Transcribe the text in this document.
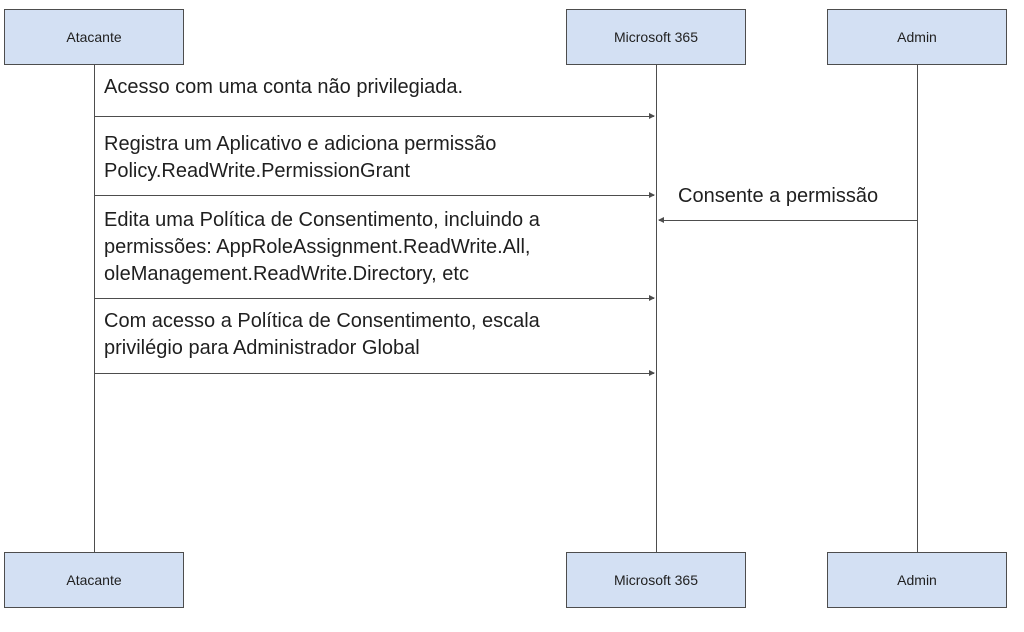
Atacante	Microsoft 365	Admin
Acesso com uma conta não privilegiada.
Registra um Aplicativo e adiciona permissão
Policy.ReadWrite.PermissionGrant
Consente a permissão
Edita uma Política de Consentimento, incluindo a
permissões: AppRoleAssignment.ReadWrite.All,
oleManagement.ReadWrite.Directory, etc
Com acesso a Política de Consentimento, escala
privilégio para Administrador Global
Atacante	Microsoft 365	Admin
